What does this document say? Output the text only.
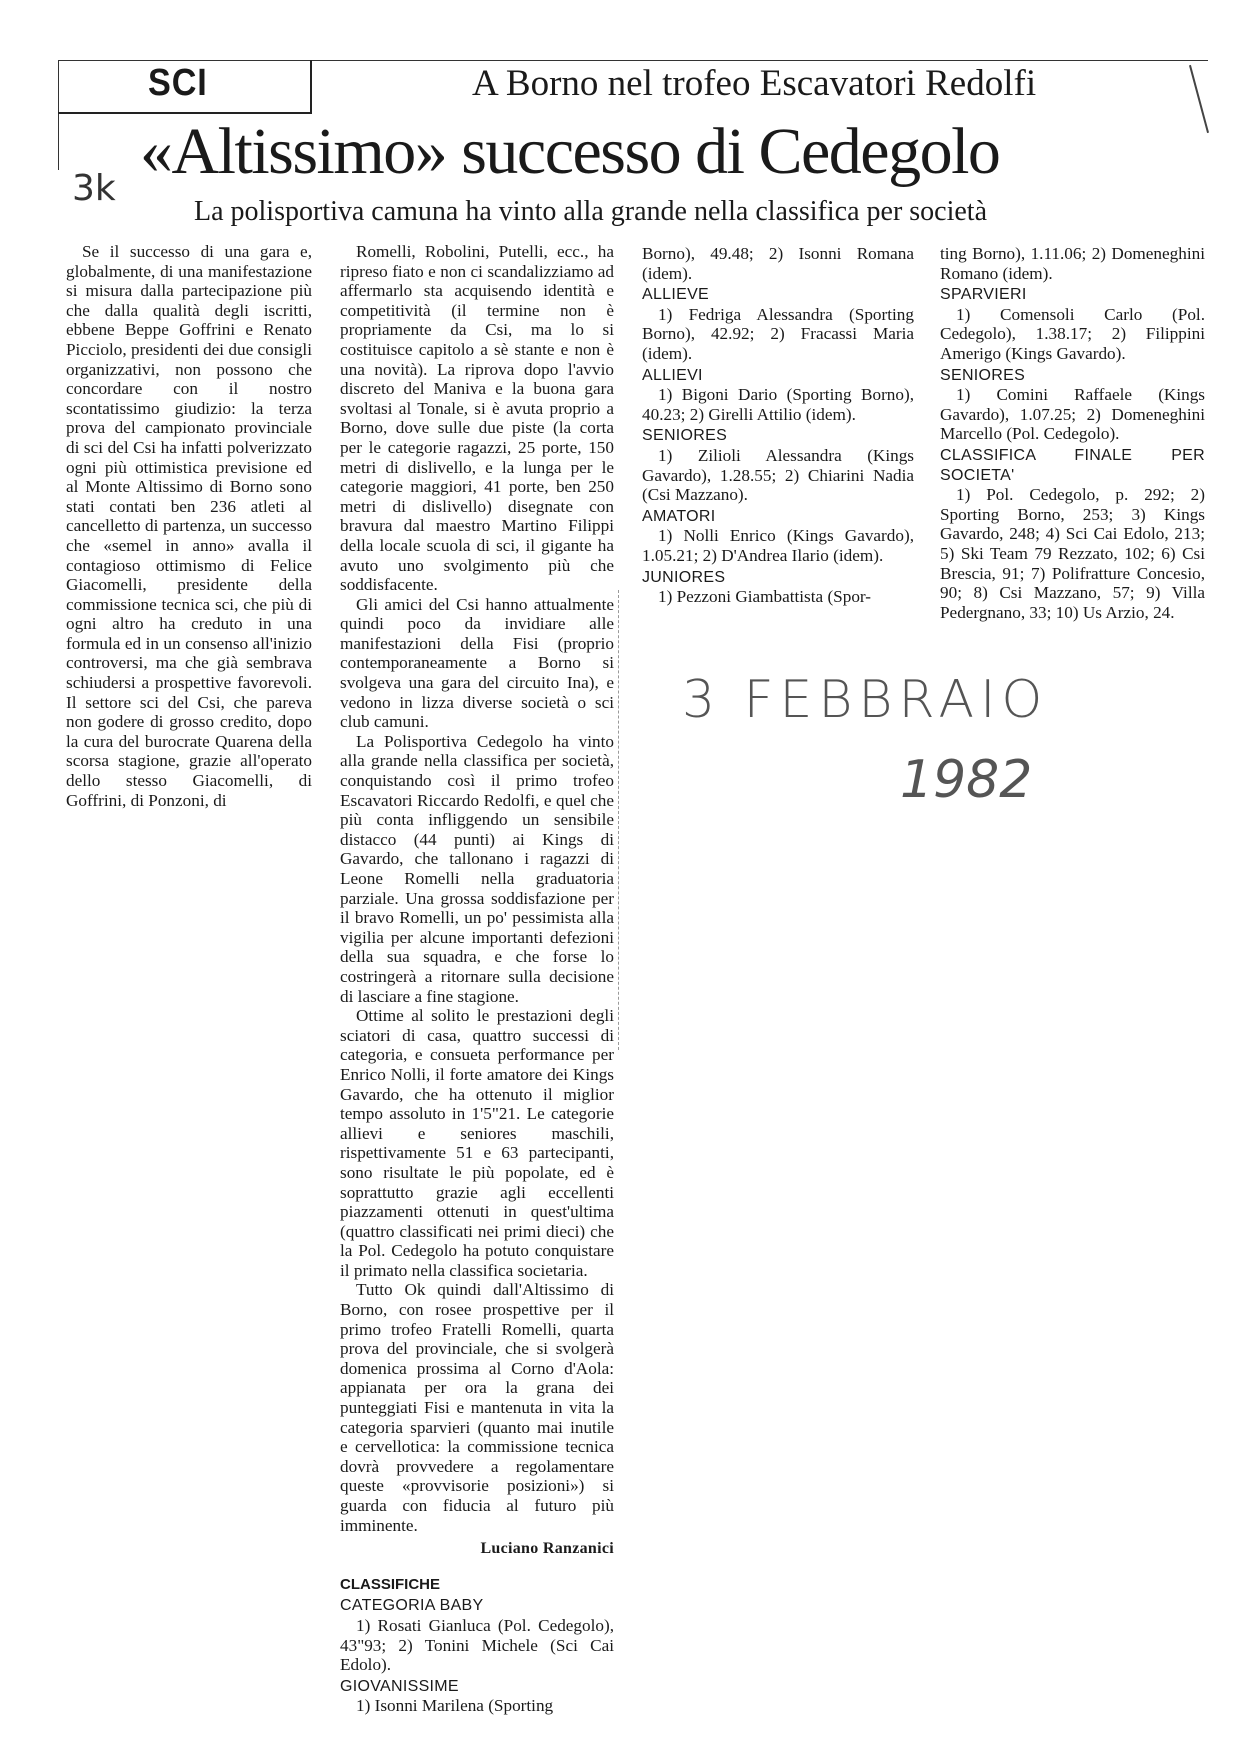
SCI	A Borno nel trofeo Escavatori Redolfi
3k
«Altissimo» successo di Cedegolo
La polisportiva camuna ha vinto alla grande nella classifica per società

Se il successo di una gara e, globalmente, di una manifestazione si misura dalla partecipazione più che dalla qualità degli iscritti, ebbene Beppe Goffrini e Renato Picciolo, presidenti dei due consigli organizzativi, non possono che concordare con il nostro scontatissimo giudizio: la terza prova del campionato provinciale di sci del Csi ha infatti polverizzato ogni più ottimistica previsione ed al Monte Altissimo di Borno sono stati contati ben 236 atleti al cancelletto di partenza, un successo che «semel in anno» avalla il contagioso ottimismo di Felice Giacomelli, presidente della commissione tecnica sci, che più di ogni altro ha creduto in una formula ed in un consenso all'inizio controversi, ma che già sembrava schiudersi a prospettive favorevoli. Il settore sci del Csi, che pareva non godere di grosso credito, dopo la cura del burocrate Quarena della scorsa stagione, grazie all'operato dello stesso Giacomelli, di Goffrini, di Ponzoni, di

Romelli, Robolini, Putelli, ecc., ha ripreso fiato e non ci scandalizziamo ad affermarlo sta acquisendo identità e competitività (il termine non è propriamente da Csi, ma lo si costituisce capitolo a sè stante e non è una novità). La riprova dopo l'avvio discreto del Maniva e la buona gara svoltasi al Tonale, si è avuta proprio a Borno, dove sulle due piste (la corta per le categorie ragazzi, 25 porte, 150 metri di dislivello, e la lunga per le categorie maggiori, 41 porte, ben 250 metri di dislivello) disegnate con bravura dal maestro Martino Filippi della locale scuola di sci, il gigante ha avuto uno svolgimento più che soddisfacente.

Gli amici del Csi hanno attualmente quindi poco da invidiare alle manifestazioni della Fisi (proprio contemporaneamente a Borno si svolgeva una gara del circuito Ina), e vedono in lizza diverse società o sci club camuni.

La Polisportiva Cedegolo ha vinto alla grande nella classifica per società, conquistando così il primo trofeo Escavatori Riccardo Redolfi, e quel che più conta infliggendo un sensibile distacco (44 punti) ai Kings di Gavardo, che tallonano i ragazzi di Leone Romelli nella graduatoria parziale. Una grossa soddisfazione per il bravo Romelli, un po' pessimista alla vigilia per alcune importanti defezioni della sua squadra, e che forse lo costringerà a ritornare sulla decisione di lasciare a fine stagione.

Ottime al solito le prestazioni degli sciatori di casa, quattro successi di categoria, e consueta performance per Enrico Nolli, il forte amatore dei Kings Gavardo, che ha ottenuto il miglior tempo assoluto in 1'5"21. Le categorie allievi e seniores maschili, rispettivamente 51 e 63 partecipanti, sono risultate le più popolate, ed è soprattutto grazie agli eccellenti piazzamenti ottenuti in quest'ultima (quattro classificati nei primi dieci) che la Pol. Cedegolo ha potuto conquistare il primato nella classifica societaria.

Tutto Ok quindi dall'Altissimo di Borno, con rosee prospettive per il primo trofeo Fratelli Romelli, quarta prova del provinciale, che si svolgerà domenica prossima al Corno d'Aola: appianata per ora la grana dei punteggiati Fisi e mantenuta in vita la categoria sparvieri (quanto mai inutile e cervellotica: la commissione tecnica dovrà provvedere a regolamentare queste «provvisorie posizioni») si guarda con fiducia al futuro più imminente.

Luciano Ranzanici
CLASSIFICHE
CATEGORIA BABY

1) Rosati Gianluca (Pol. Cedegolo), 43"93; 2) Tonini Michele (Sci Cai Edolo).

GIOVANISSIME

1) Isonni Marilena (Sporting

Borno), 49.48; 2) Isonni Romana (idem).

ALLIEVE

1) Fedriga Alessandra (Sporting Borno), 42.92; 2) Fracassi Maria (idem).

ALLIEVI

1) Bigoni Dario (Sporting Borno), 40.23; 2) Girelli Attilio (idem).

SENIORES

1) Zilioli Alessandra (Kings Gavardo), 1.28.55; 2) Chiarini Nadia (Csi Mazzano).

AMATORI

1) Nolli Enrico (Kings Gavardo), 1.05.21; 2) D'Andrea Ilario (idem).

JUNIORES

1) Pezzoni Giambattista (Spor-

ting Borno), 1.11.06; 2) Domeneghini Romano (idem).

SPARVIERI

1) Comensoli Carlo (Pol. Cedegolo), 1.38.17; 2) Filippini Amerigo (Kings Gavardo).

SENIORES

1) Comini Raffaele (Kings Gavardo), 1.07.25; 2) Domeneghini Marcello (Pol. Cedegolo).

CLASSIFICA FINALE PER SOCIETA'

1) Pol. Cedegolo, p. 292; 2) Sporting Borno, 253; 3) Kings Gavardo, 248; 4) Sci Cai Edolo, 213; 5) Ski Team 79 Rezzato, 102; 6) Csi Brescia, 91; 7) Polifratture Concesio, 90; 8) Csi Mazzano, 57; 9) Villa Pedergnano, 33; 10) Us Arzio, 24.

3 FEBBRAIO
1982
